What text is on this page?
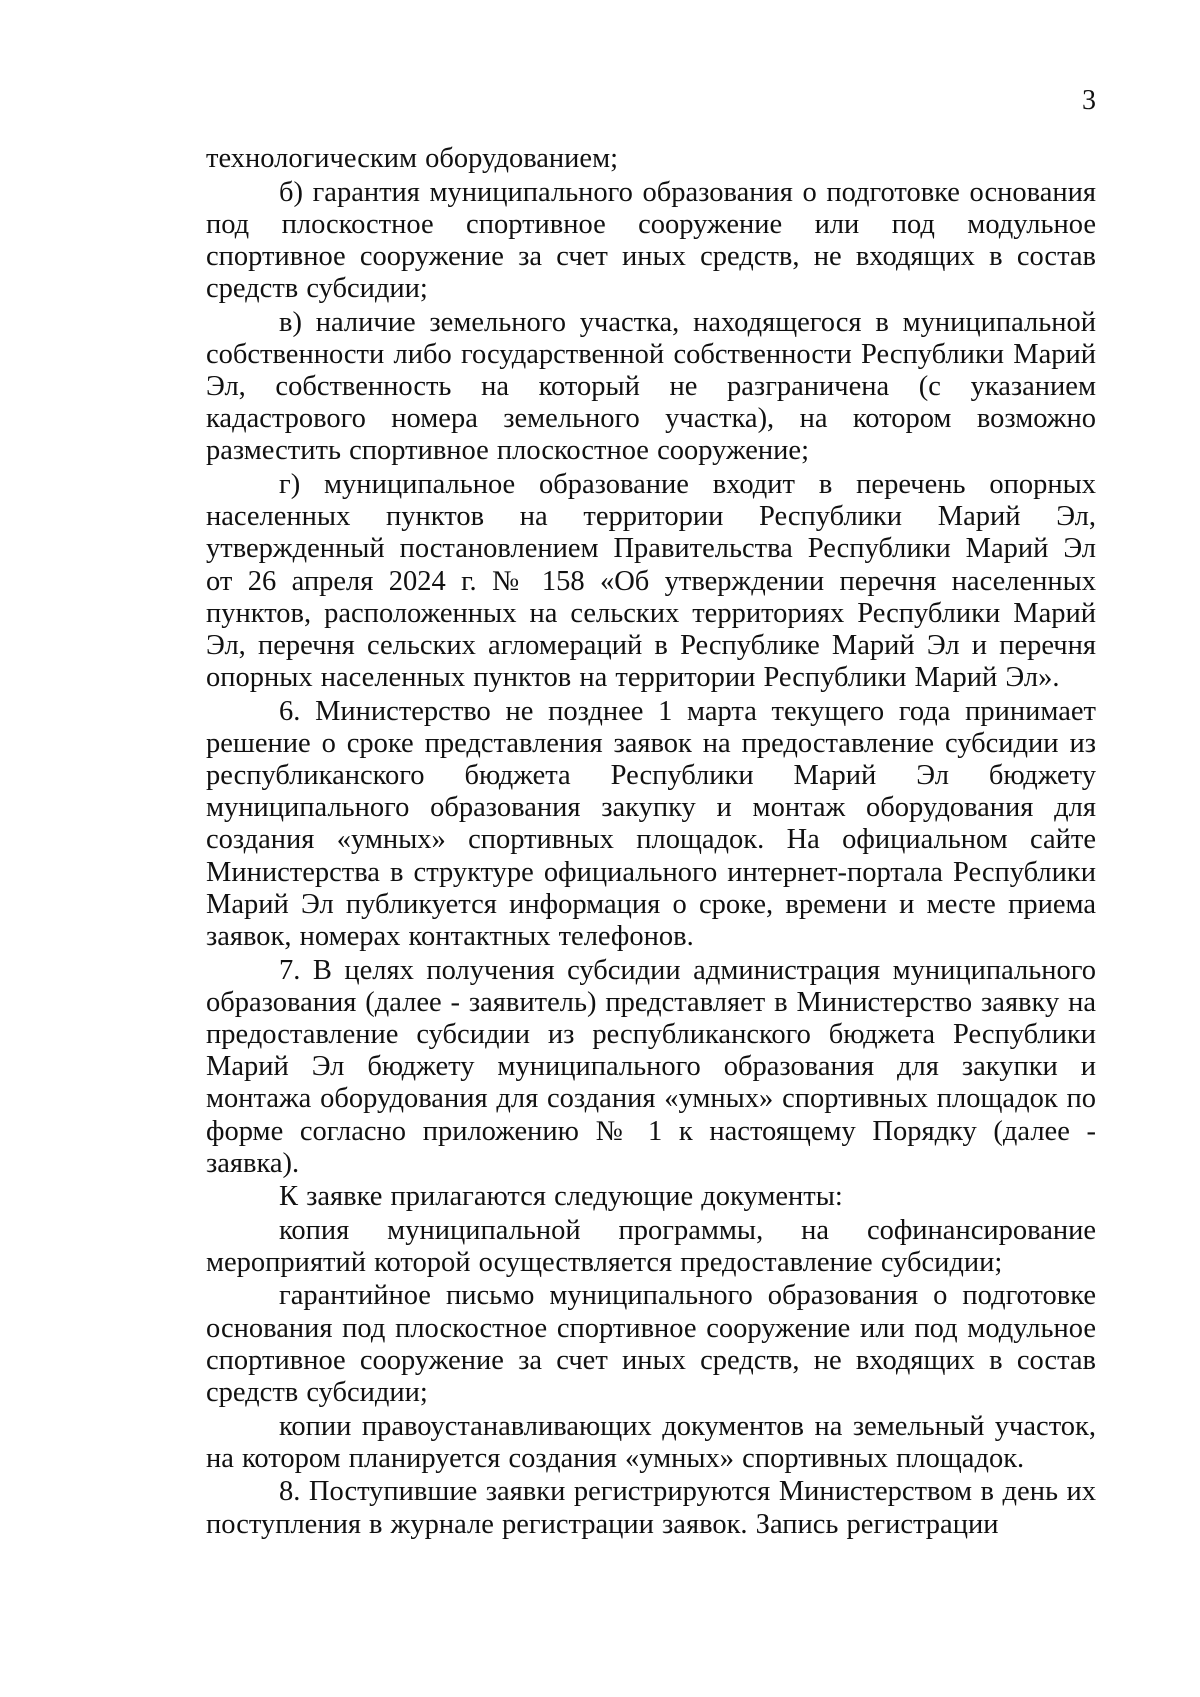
3

технологическим оборудованием;

б) гарантия муниципального образования о подготовке основания под плоскостное спортивное сооружение или под модульное спортивное сооружение за счет иных средств, не входящих в состав средств субсидии;

в) наличие земельного участка, находящегося в муниципальной собственности либо государственной собственности Республики Марий Эл, собственность на который не разграничена (с указанием кадастрового номера земельного участка), на котором возможно разместить спортивное плоскостное сооружение;

г) муниципальное образование входит в перечень опорных населенных пунктов на территории Республики Марий Эл, утвержденный постановлением Правительства Республики Марий Эл от 26 апреля 2024 г. № 158 «Об утверждении перечня населенных пунктов, расположенных на сельских территориях Республики Марий Эл, перечня сельских агломераций в Республике Марий Эл и перечня опорных населенных пунктов на территории Республики Марий Эл».

6. Министерство не позднее 1 марта текущего года принимает решение о сроке представления заявок на предоставление субсидии из республиканского бюджета Республики Марий Эл бюджету муниципального образования закупку и монтаж оборудования для создания «умных» спортивных площадок. На официальном сайте Министерства в структуре официального интернет-портала Республики Марий Эл публикуется информация о сроке, времени и месте приема заявок, номерах контактных телефонов.

7. В целях получения субсидии администрация муниципального образования (далее - заявитель) представляет в Министерство заявку на предоставление субсидии из республиканского бюджета Республики Марий Эл бюджету муниципального образования для закупки и монтажа оборудования для создания «умных» спортивных площадок по форме согласно приложению № 1 к настоящему Порядку (далее - заявка).

К заявке прилагаются следующие документы:

копия муниципальной программы, на софинансирование мероприятий которой осуществляется предоставление субсидии;

гарантийное письмо муниципального образования о подготовке основания под плоскостное спортивное сооружение или под модульное спортивное сооружение за счет иных средств, не входящих в состав средств субсидии;

копии правоустанавливающих документов на земельный участок, на котором планируется создания «умных» спортивных площадок.

8. Поступившие заявки регистрируются Министерством в день их поступления в журнале регистрации заявок. Запись регистрации
